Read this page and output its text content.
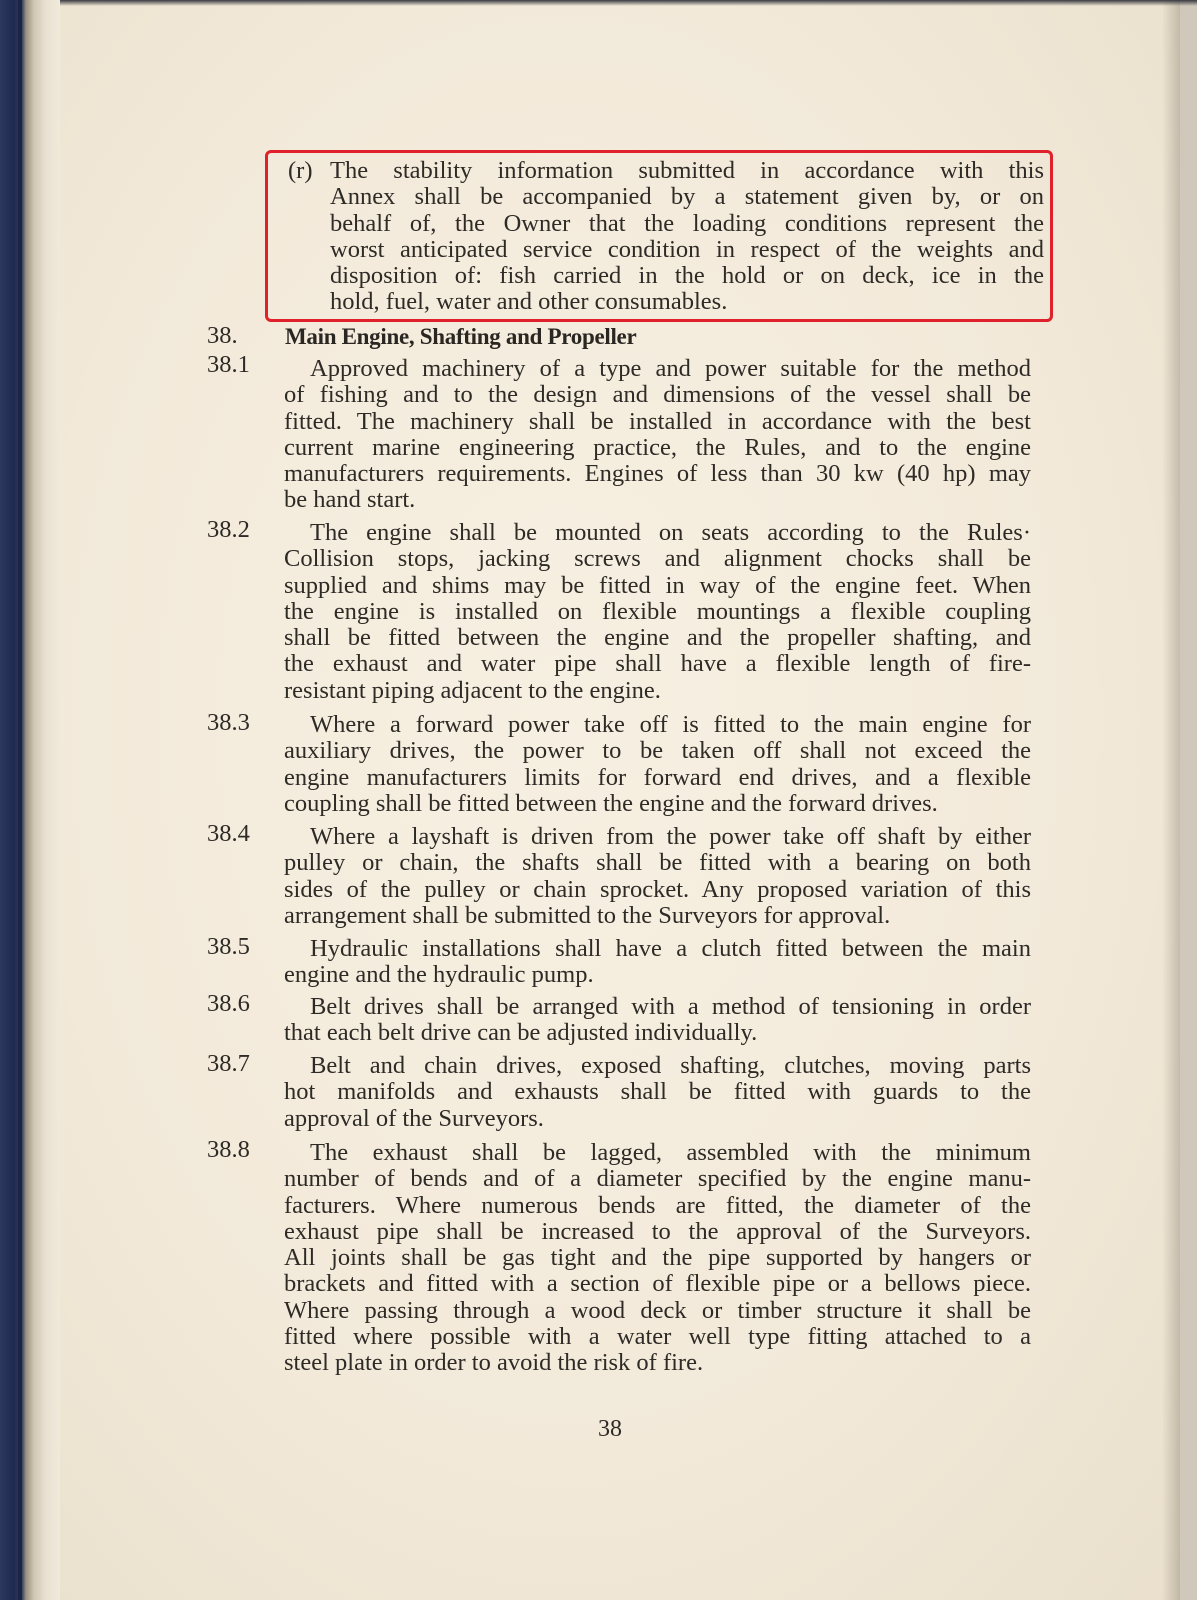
(r) The stability information submitted in accordance with this
Annex shall be accompanied by a statement given by, or on
behalf of, the Owner that the loading conditions represent the
worst anticipated service condition in respect of the weights and
disposition of: fish carried in the hold or on deck, ice in the
hold, fuel, water and other consumables.
38. Main Engine, Shafting and Propeller
38.1	Approved machinery of a type and power suitable for the method
of fishing and to the design and dimensions of the vessel shall be
fitted. The machinery shall be installed in accordance with the best
current marine engineering practice, the Rules, and to the engine
manufacturers requirements. Engines of less than 30 kw (40 hp) may
be hand start.
38.2	The engine shall be mounted on seats according to the Rules·
Collision stops, jacking screws and alignment chocks shall be
supplied and shims may be fitted in way of the engine feet. When
the engine is installed on flexible mountings a flexible coupling
shall be fitted between the engine and the propeller shafting, and
the exhaust and water pipe shall have a flexible length of fire-
resistant piping adjacent to the engine.
38.3	Where a forward power take off is fitted to the main engine for
auxiliary drives, the power to be taken off shall not exceed the
engine manufacturers limits for forward end drives, and a flexible
coupling shall be fitted between the engine and the forward drives.
38.4	Where a layshaft is driven from the power take off shaft by either
pulley or chain, the shafts shall be fitted with a bearing on both
sides of the pulley or chain sprocket. Any proposed variation of this
arrangement shall be submitted to the Surveyors for approval.
38.5	Hydraulic installations shall have a clutch fitted between the main
engine and the hydraulic pump.
38.6	Belt drives shall be arranged with a method of tensioning in order
that each belt drive can be adjusted individually.
38.7	Belt and chain drives, exposed shafting, clutches, moving parts
hot manifolds and exhausts shall be fitted with guards to the
approval of the Surveyors.
38.8	The exhaust shall be lagged, assembled with the minimum
number of bends and of a diameter specified by the engine manu-
facturers. Where numerous bends are fitted, the diameter of the
exhaust pipe shall be increased to the approval of the Surveyors.
All joints shall be gas tight and the pipe supported by hangers or
brackets and fitted with a section of flexible pipe or a bellows piece.
Where passing through a wood deck or timber structure it shall be
fitted where possible with a water well type fitting attached to a
steel plate in order to avoid the risk of fire.
38
